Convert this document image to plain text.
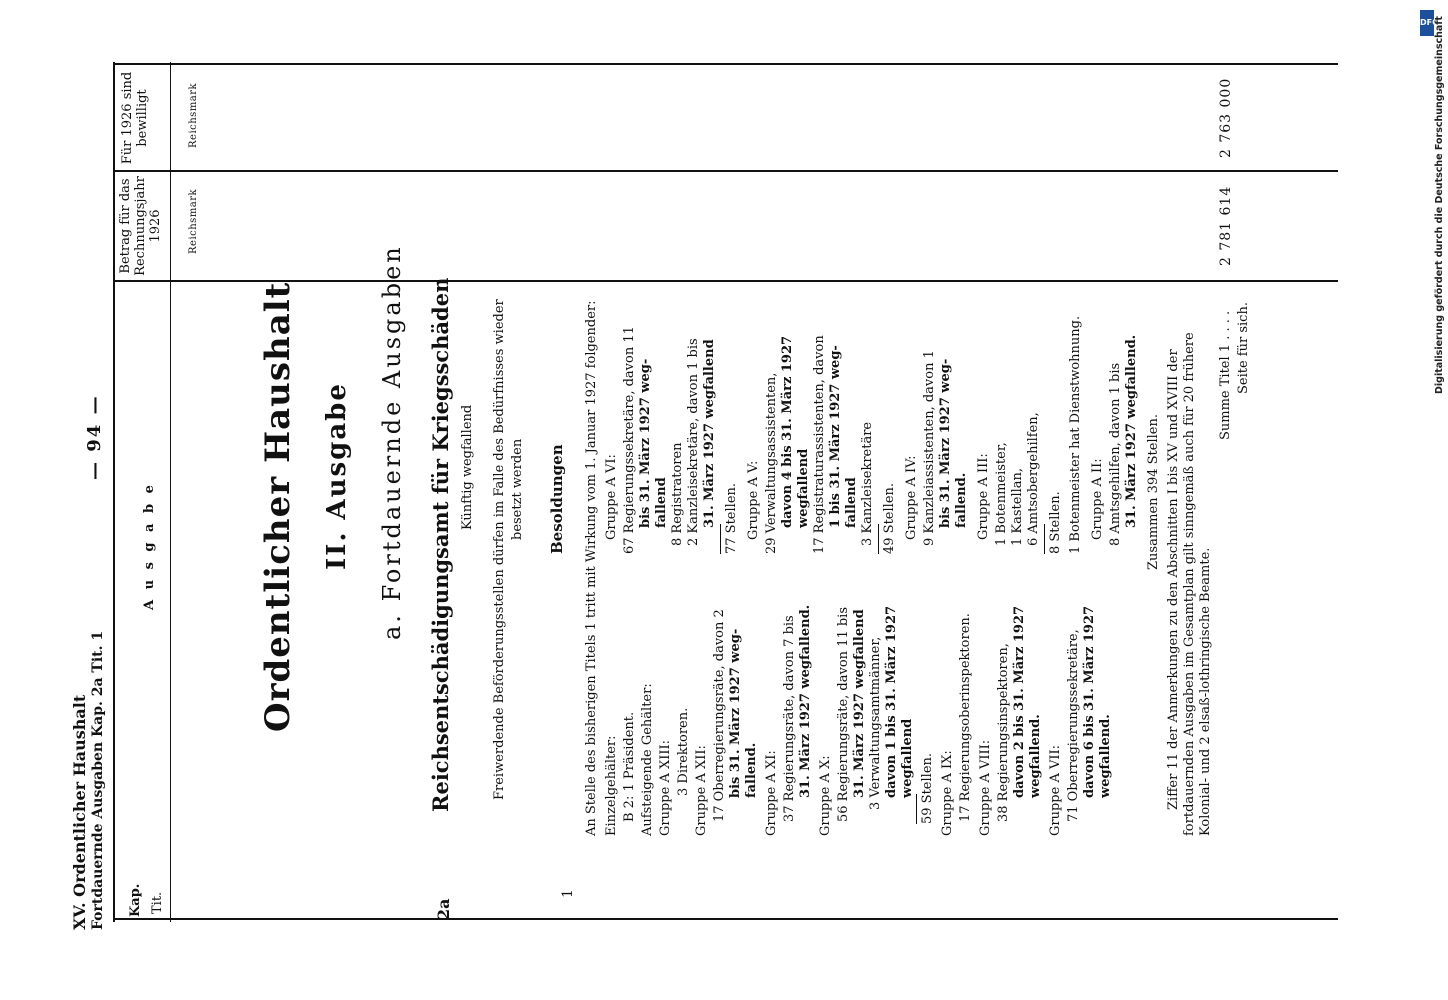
XV. Ordentlicher Haushalt Fortdauernde Ausgaben Kap. 2a Tit. 1
— 94 —
Kap. Tit.
A u s g a b e
Betrag für das Rechnungsjahr 1926	Reichsmark
Für 1926 sind bewilligt	Reichsmark
2a
1
Ordentlicher Haushalt II. Ausgabe a. Fortdauernde Ausgaben Reichsentschädigungsamt für Kriegsschäden Künftig wegfallend Freiwerdende Beförderungsstellen dürfen im Falle des Bedürfnisses wieder besetzt werden Besoldungen An Stelle des bisherigen Titels 1 tritt mit Wirkung vom 1. Januar 1927 folgender: Einzelgehälter: B 2: 1 Präsident. Aufsteigende Gehälter: Gruppe A XIII: 3 Direktoren. Gruppe A XII: 17 Oberregierungsräte, davon 2 bis 31. März 1927 weg- fallend. Gruppe A XI: 37 Regierungsräte, davon 7 bis 31. März 1927 wegfallend. Gruppe A X: 56 Regierungsräte, davon 11 bis 31. März 1927 wegfallend 3 Verwaltungsamtmänner, davon 1 bis 31. März 1927 wegfallend 59 Stellen. Gruppe A IX: 17 Regierungsoberinspektoren. Gruppe A VIII: 38 Regierungsinspektoren, davon 2 bis 31. März 1927 wegfallend. Gruppe A VII: 71 Oberregierungssekretäre, davon 6 bis 31. März 1927 wegfallend.
Gruppe A VI: 67 Regierungssekretäre, davon 11 bis 31. März 1927 weg- fallend 8 Registratoren 2 Kanzleisekretäre, davon 1 bis 31. März 1927 wegfallend 77 Stellen. Gruppe A V: 29 Verwaltungsassistenten, davon 4 bis 31. März 1927 wegfallend 17 Registraturassistenten, davon 1 bis 31. März 1927 weg- fallend 3 Kanzleisekretäre 49 Stellen. Gruppe A IV: 9 Kanzleiassistenten, davon 1 bis 31. März 1927 weg- fallend. Gruppe A III: 1 Botenmeister, 1 Kastellan, 6 Amtsobergehilfen, 8 Stellen. 1 Botenmeister hat Dienstwohnung. Gruppe A II: 8 Amtsgehilfen, davon 1 bis 31. März 1927 wegfallend. Zusammen 394 Stellen. Ziffer 11 der Anmerkungen zu den Abschnitten I bis XV und XVIII der fortdauernden Ausgaben im Gesamtplan gilt sinngemäß auch für 20 frühere Kolonial- und 2 elsaß-lothringische Beamte.
Summe Titel 1 . . . . Seite für sich.
2 781 614
2 763 000
DFG
Digitalisierung gefördert durch die Deutsche Forschungsgemeinschaft
